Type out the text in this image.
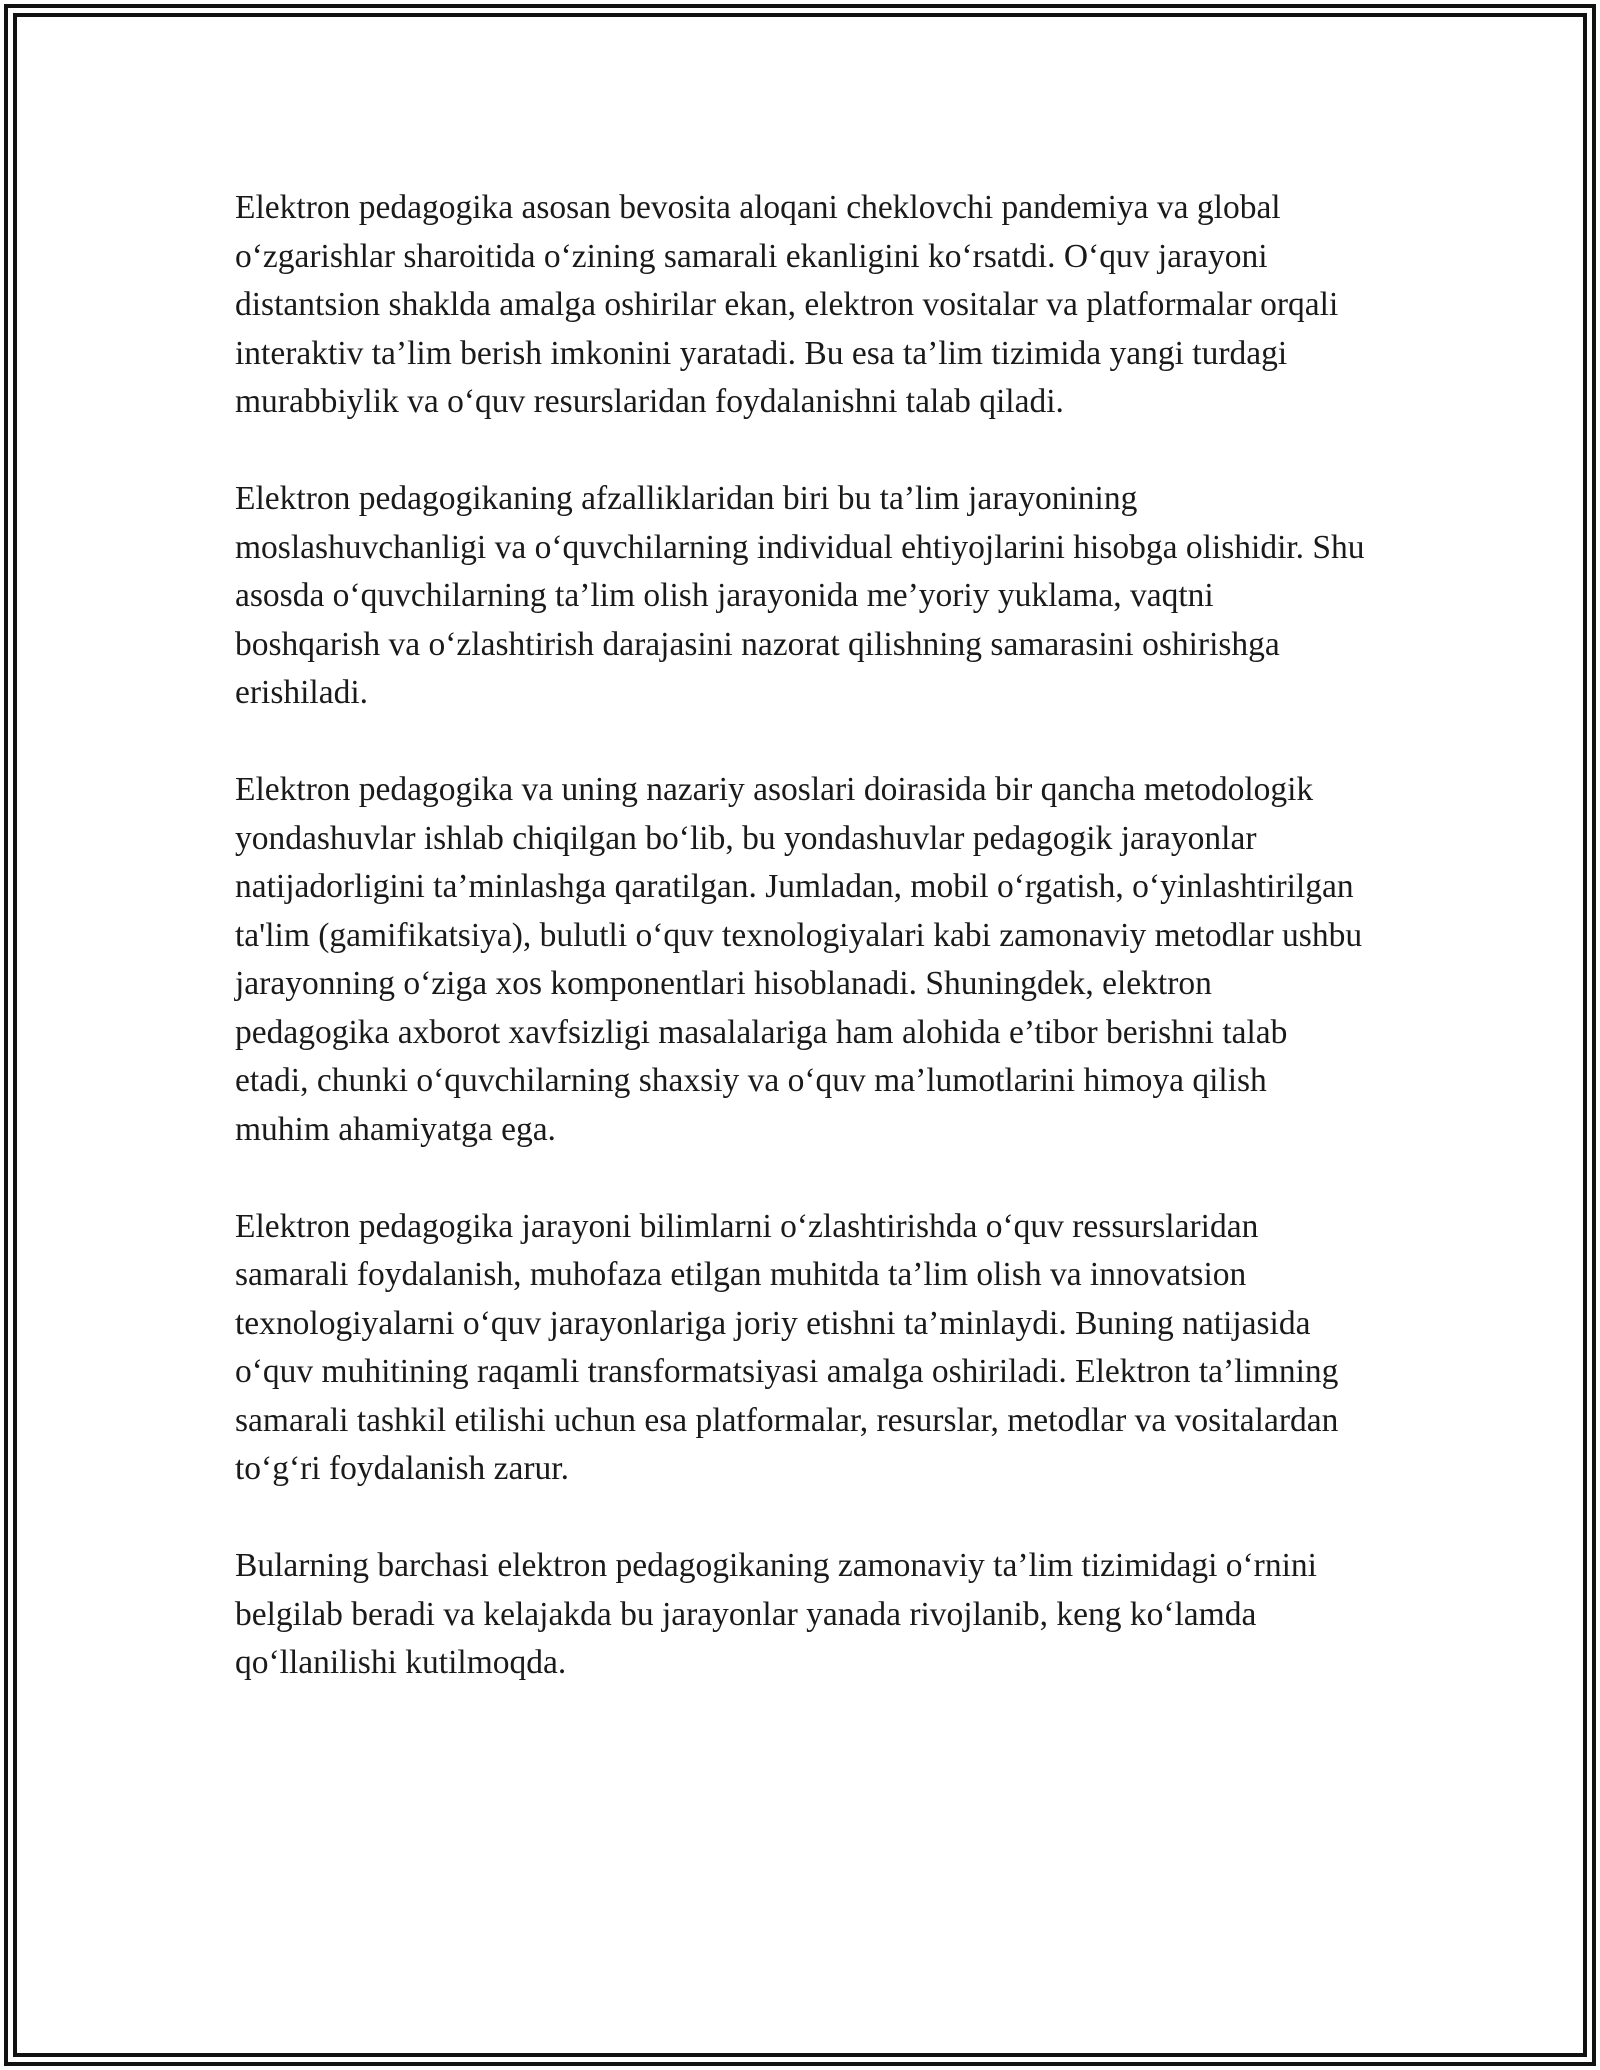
Elektron pedagogika asosan bevosita aloqani cheklovchi pandemiya va global o‘zgarishlar sharoitida o‘zining samarali ekanligini ko‘rsatdi. O‘quv jarayoni distantsion shaklda amalga oshirilar ekan, elektron vositalar va platformalar orqali interaktiv ta’lim berish imkonini yaratadi. Bu esa ta’lim tizimida yangi turdagi murabbiylik va o‘quv resurslaridan foydalanishni talab qiladi.

Elektron pedagogikaning afzalliklaridan biri bu ta’lim jarayonining moslashuvchanligi va o‘quvchilarning individual ehtiyojlarini hisobga olishidir. Shu asosda o‘quvchilarning ta’lim olish jarayonida me’yoriy yuklama, vaqtni boshqarish va o‘zlashtirish darajasini nazorat qilishning samarasini oshirishga erishiladi.

Elektron pedagogika va uning nazariy asoslari doirasida bir qancha metodologik yondashuvlar ishlab chiqilgan bo‘lib, bu yondashuvlar pedagogik jarayonlar natijadorligini ta’minlashga qaratilgan. Jumladan, mobil o‘rgatish, o‘yinlashtirilgan ta'lim (gamifikatsiya), bulutli o‘quv texnologiyalari kabi zamonaviy metodlar ushbu jarayonning o‘ziga xos komponentlari hisoblanadi. Shuningdek, elektron pedagogika axborot xavfsizligi masalalariga ham alohida e’tibor berishni talab etadi, chunki o‘quvchilarning shaxsiy va o‘quv ma’lumotlarini himoya qilish muhim ahamiyatga ega.

Elektron pedagogika jarayoni bilimlarni o‘zlashtirishda o‘quv ressurslaridan samarali foydalanish, muhofaza etilgan muhitda ta’lim olish va innovatsion texnologiyalarni o‘quv jarayonlariga joriy etishni ta’minlaydi. Buning natijasida o‘quv muhitining raqamli transformatsiyasi amalga oshiriladi. Elektron ta’limning samarali tashkil etilishi uchun esa platformalar, resurslar, metodlar va vositalardan to‘g‘ri foydalanish zarur.

Bularning barchasi elektron pedagogikaning zamonaviy ta’lim tizimidagi o‘rnini belgilab beradi va kelajakda bu jarayonlar yanada rivojlanib, keng ko‘lamda qo‘llanilishi kutilmoqda.
